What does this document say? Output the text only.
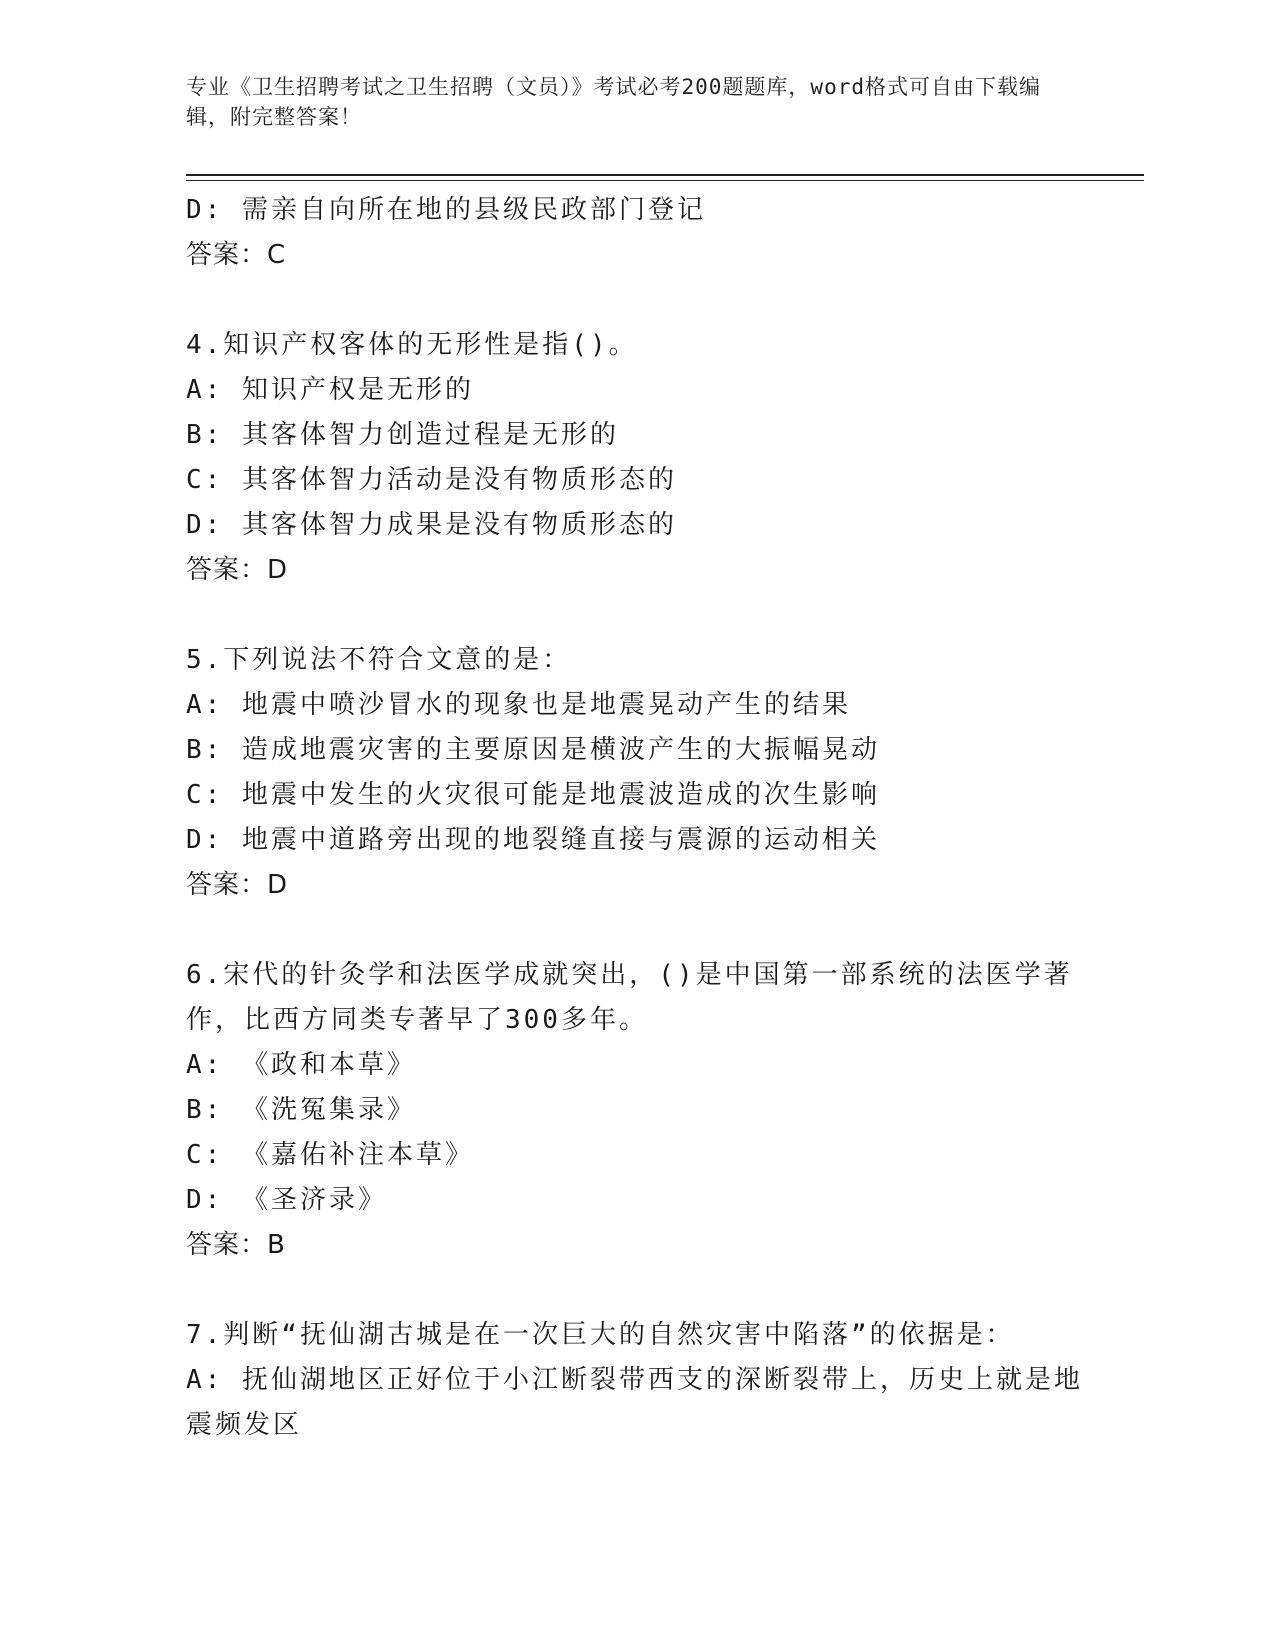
专业《卫生招聘考试之卫生招聘（文员）》考试必考200题题库，word格式可自由下载编辑，附完整答案！
D: 需亲自向所在地的县级民政部门登记
答案：C
4.知识产权客体的无形性是指()。
A: 知识产权是无形的
B: 其客体智力创造过程是无形的
C: 其客体智力活动是没有物质形态的
D: 其客体智力成果是没有物质形态的
答案：D
5.下列说法不符合文意的是：
A: 地震中喷沙冒水的现象也是地震晃动产生的结果
B: 造成地震灾害的主要原因是横波产生的大振幅晃动
C: 地震中发生的火灾很可能是地震波造成的次生影响
D: 地震中道路旁出现的地裂缝直接与震源的运动相关
答案：D
6.宋代的针灸学和法医学成就突出，()是中国第一部系统的法医学著作，比西方同类专著早了300多年。
A: 《政和本草》
B: 《洗冤集录》
C: 《嘉佑补注本草》
D: 《圣济录》
答案：B
7.判断“抚仙湖古城是在一次巨大的自然灾害中陷落”的依据是：
A: 抚仙湖地区正好位于小江断裂带西支的深断裂带上，历史上就是地震频发区
